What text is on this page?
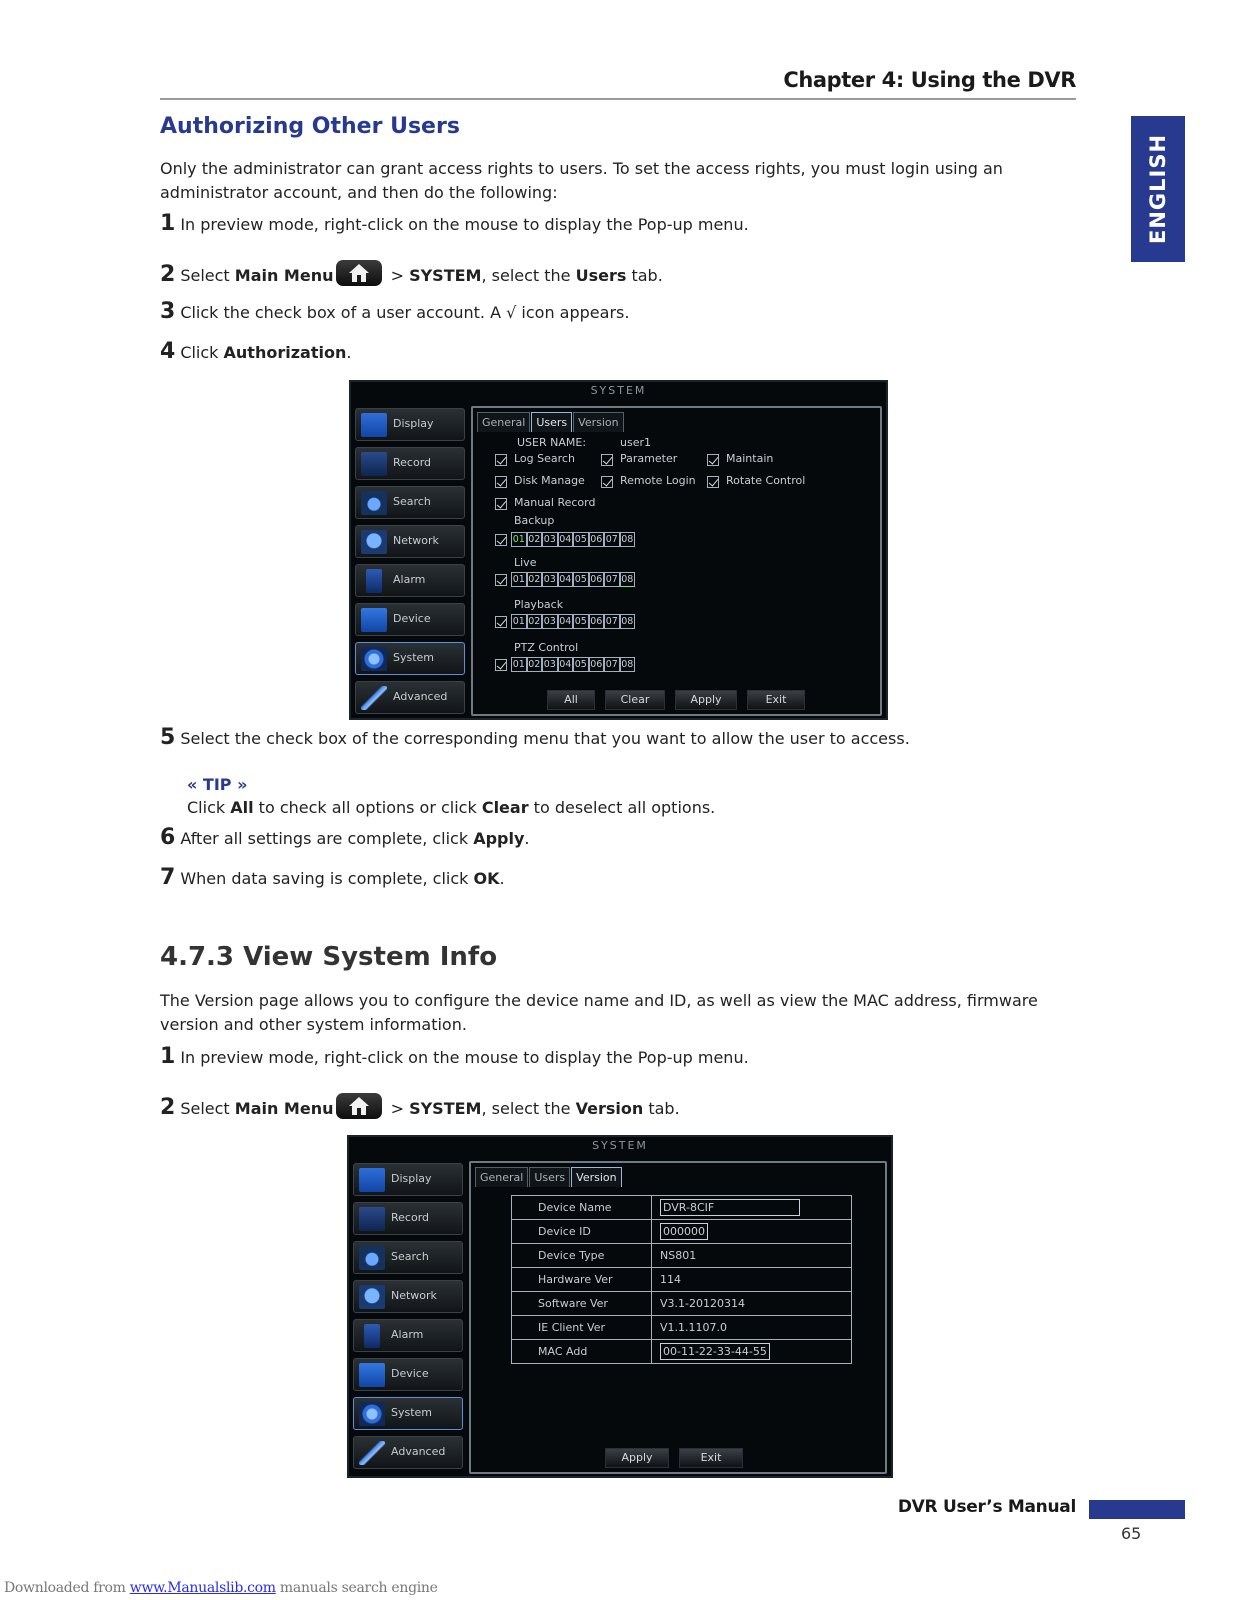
Chapter 4: Using the DVR
ENGLISH
Authorizing Other Users
Only the administrator can grant access rights to users. To set the access rights, you must login using an administrator account, and then do the following:
1 In preview mode, right-click on the mouse to display the Pop-up menu.
2 Select Main Menu	> SYSTEM, select the Users tab.
3 Click the check box of a user account. A √ icon appears.
4 Click Authorization.
SYSTEM
Display
Record
Search
Network
Alarm
Device
System
Advanced
General	Users	Version
USER NAME:	user1
Log Search	Parameter	Maintain
Disk Manage	Remote Login	Rotate Control
Manual Record
Backup
01 02 03 04 05 06 07 08
Live
01 02 03 04 05 06 07 08
Playback
01 02 03 04 05 06 07 08
PTZ Control
01 02 03 04 05 06 07 08
All	Clear	Apply	Exit
5 Select the check box of the corresponding menu that you want to allow the user to access.
« TIP »
Click All to check all options or click Clear to deselect all options.
6 After all settings are complete, click Apply.
7 When data saving is complete, click OK.
4.7.3 View System Info
The Version page allows you to configure the device name and ID, as well as view the MAC address, firmware version and other system information.
1 In preview mode, right-click on the mouse to display the Pop-up menu.
2 Select Main Menu	> SYSTEM, select the Version tab.
SYSTEM
Display
Record
Search
Network
Alarm
Device
System
Advanced
General	Users	Version
Device Name	DVR-8CIF
Device ID	000000
Device Type	NS801
Hardware Ver	114
Software Ver	V3.1-20120314
IE Client Ver	V1.1.1107.0
MAC Add	00-11-22-33-44-55
Apply	Exit
DVR User’s Manual
65
Downloaded from www.Manualslib.com manuals search engine
